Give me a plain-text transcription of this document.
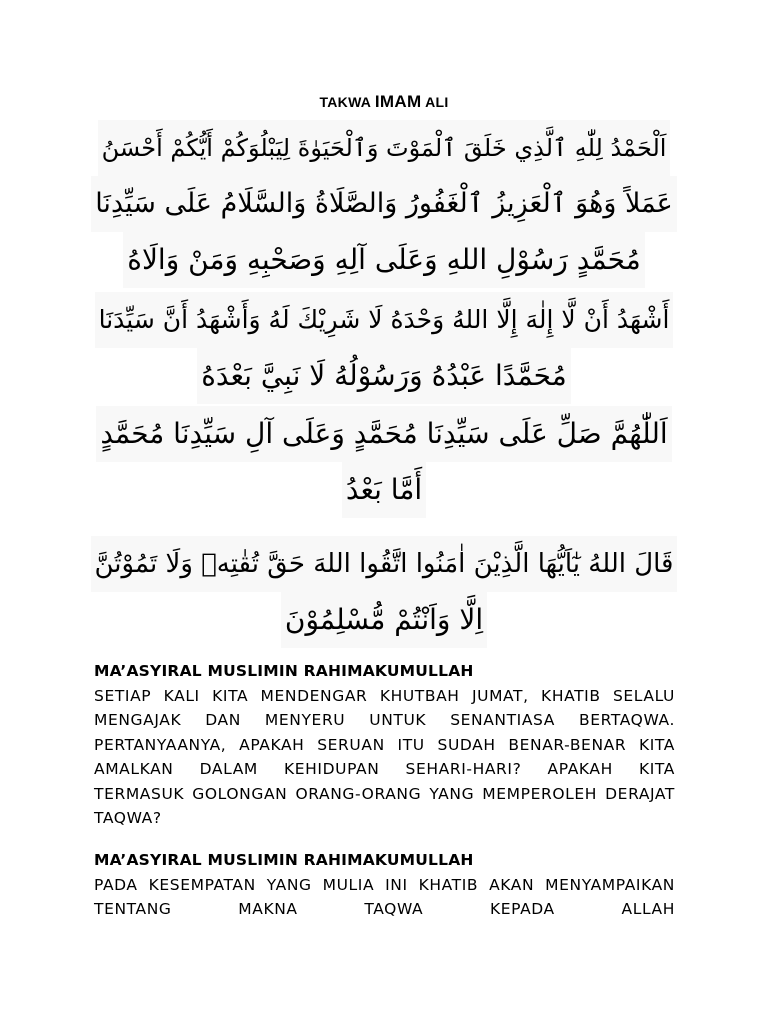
TAKWA IMAM ALI
اَلْحَمْدُ لِلّٰهِ ٱلَّذِي خَلَقَ ٱلْمَوْتَ وَٱلْحَيَوٰةَ لِيَبْلُوَكُمْ أَيُّكُمْ أَحْسَنُ
عَمَلاً وَهُوَ ٱلْعَزِيزُ ٱلْغَفُورُ وَالصَّلَاةُ وَالسَّلَامُ عَلَى سَيِّدِنَا
مُحَمَّدٍ رَسُوْلِ اللهِ وَعَلَى آلِهِ وَصَحْبِهِ وَمَنْ وَالَاهُ
أَشْهَدُ أَنْ لَّا إِلٰهَ إِلَّا اللهُ وَحْدَهُ لَا شَرِيْكَ لَهُ وَأَشْهَدُ أَنَّ سَيِّدَنَا
مُحَمَّدًا عَبْدُهُ وَرَسُوْلُهُ لَا نَبِيَّ بَعْدَهُ
اَللّٰهُمَّ صَلِّ عَلَى سَيِّدِنَا مُحَمَّدٍ وَعَلَى آلِ سَيِّدِنَا مُحَمَّدٍ
أَمَّا بَعْدُ
قَالَ اللهُ يٰٓاَيُّهَا الَّذِيْنَ اٰمَنُوا اتَّقُوا اللهَ حَقَّ تُقٰتِهٖ وَلَا تَمُوْتُنَّ
اِلَّا وَاَنْتُمْ مُّسْلِمُوْنَ
MA’ASYIRAL MUSLIMIN RAHIMAKUMULLAH
SETIAP KALI KITA MENDENGAR KHUTBAH JUMAT, KHATIB SELALU MENGAJAK DAN MENYERU UNTUK SENANTIASA BERTAQWA. PERTANYAANYA, APAKAH SERUAN ITU SUDAH BENAR-BENAR KITA AMALKAN DALAM KEHIDUPAN SEHARI-HARI? APAKAH KITA TERMASUK GOLONGAN ORANG-ORANG YANG MEMPEROLEH DERAJAT TAQWA?
MA’ASYIRAL MUSLIMIN RAHIMAKUMULLAH
PADA KESEMPATAN YANG MULIA INI KHATIB AKAN MENYAMPAIKAN TENTANG MAKNA TAQWA KEPADA ALLAH
